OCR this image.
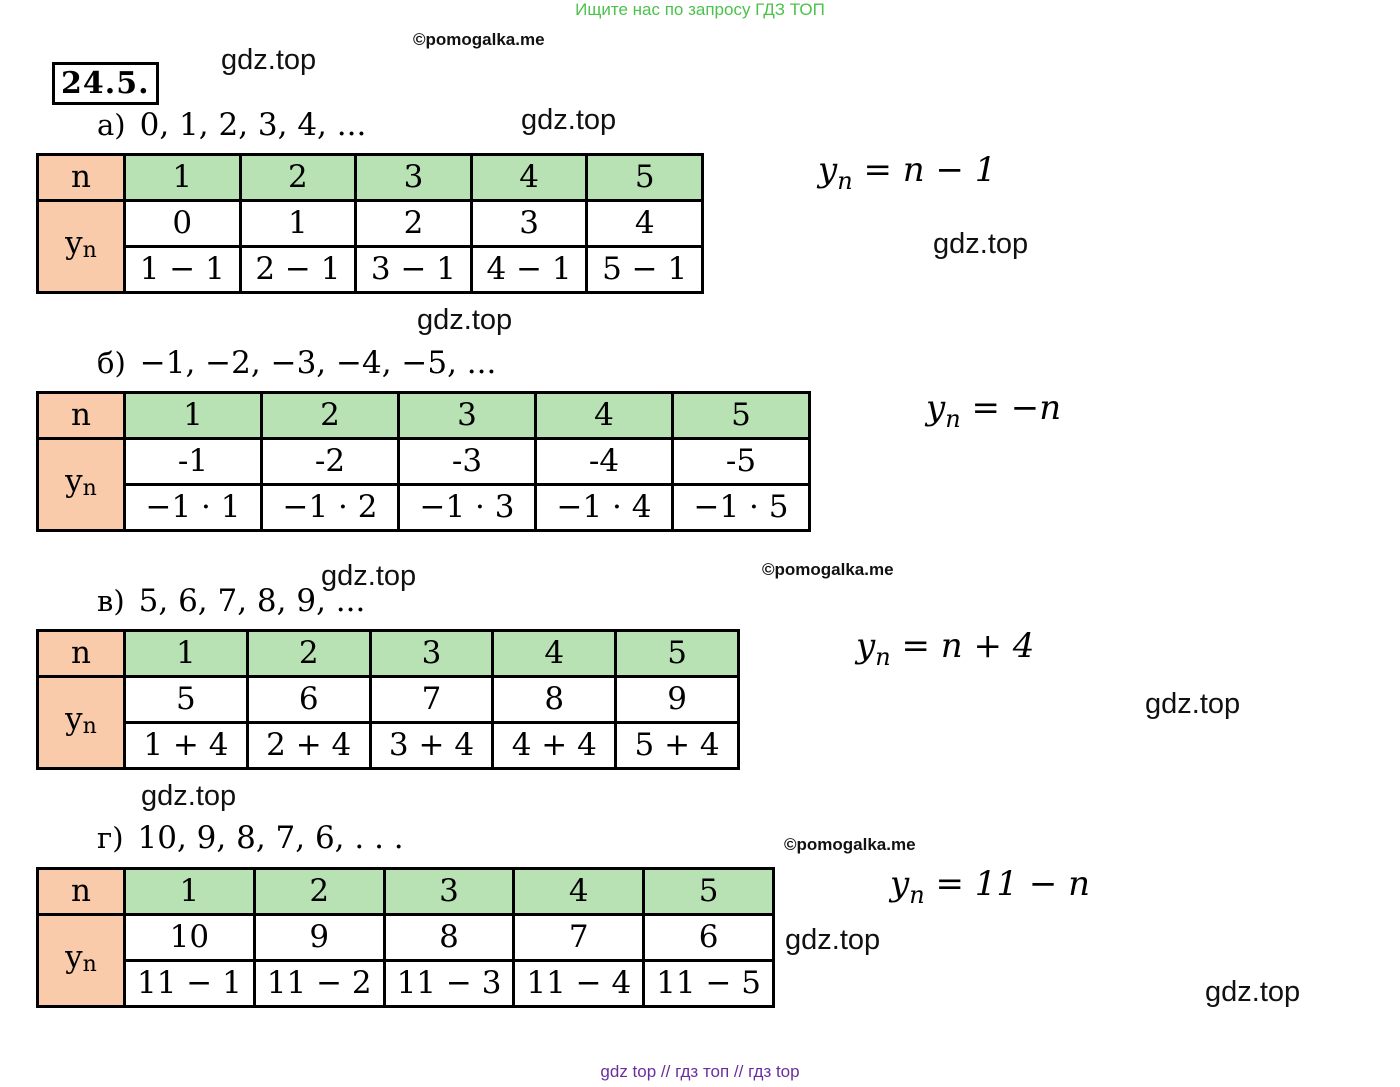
Ищите нас по запросу ГДЗ ТОП
©pomogalka.me
©pomogalka.me
©pomogalka.me
gdz.top
gdz.top
gdz.top
gdz.top
gdz.top
gdz.top
gdz.top
gdz.top
gdz.top
24.5.
а) 0, 1, 2, 3, 4, ...
$y_n = n - 1$
n	1	2	3	4	5
$y_n$	0	1	2	3	4
	1 − 1	2 − 1	3 − 1	4 − 1	5 − 1
б) −1, −2, −3, −4, −5, ...
$y_n = -n$
n	1	2	3	4	5
$y_n$	-1	-2	-3	-4	-5
	−1 · 1	−1 · 2	−1 · 3	−1 · 4	−1 · 5
в) 5, 6, 7, 8, 9, ...
$y_n = n + 4$
n	1	2	3	4	5
$y_n$	5	6	7	8	9
	1 + 4	2 + 4	3 + 4	4 + 4	5 + 4
г) 10, 9, 8, 7, 6, . . .
$y_n = 11 - n$
n	1	2	3	4	5
$y_n$	10	9	8	7	6
	11 − 1	11 − 2	11 − 3	11 − 4	11 − 5
gdz top // гдз топ // гдз top
